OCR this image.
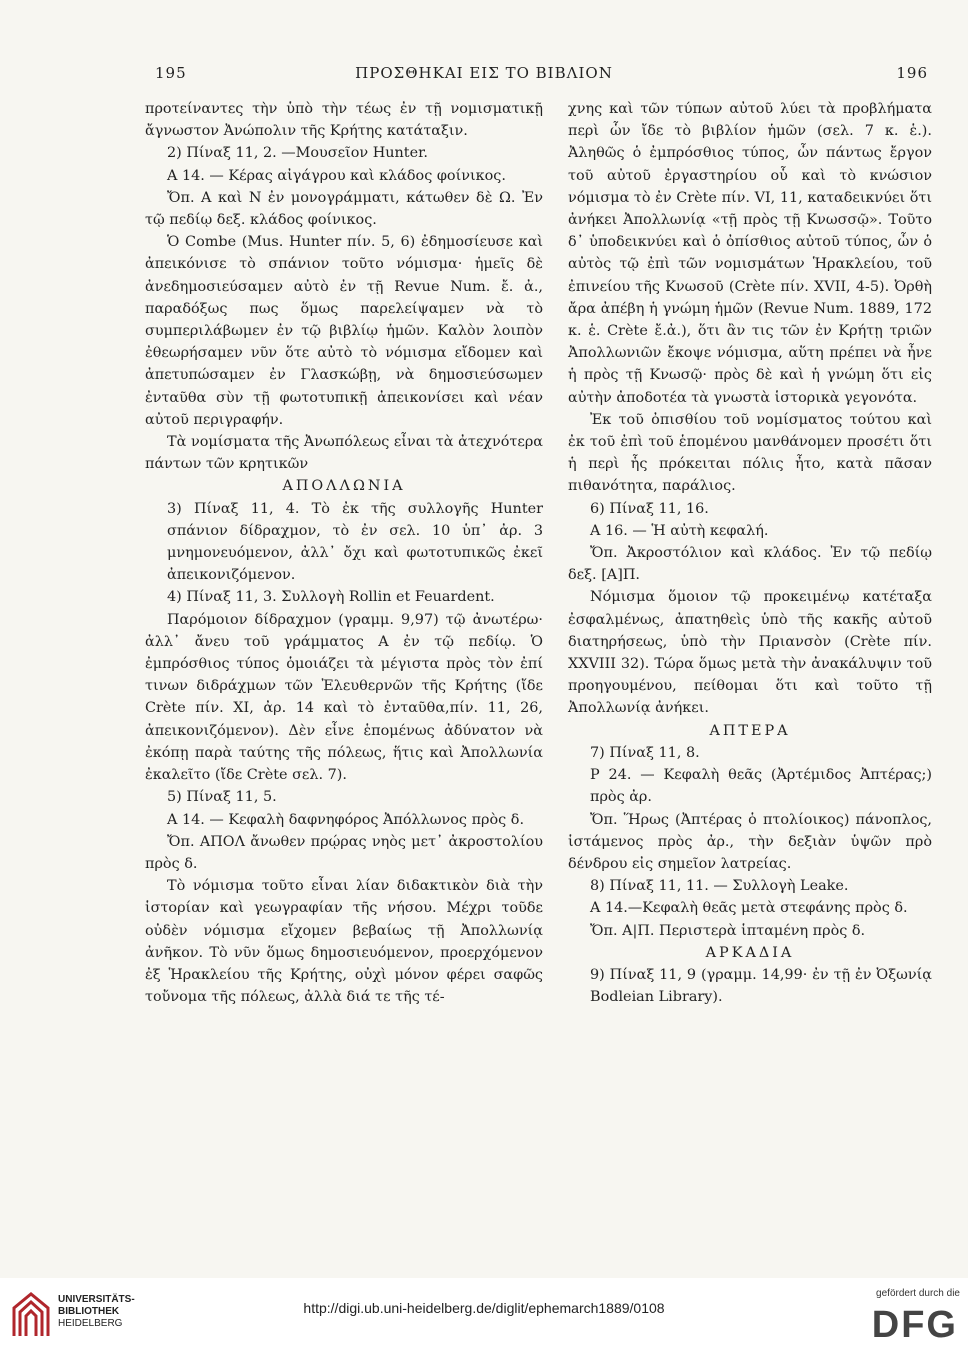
195	ΠΡΟΣΘΗΚΑΙ ΕΙΣ ΤΟ ΒΙΒΛΙΟΝ	196

προτείναντες τὴν ὑπὸ τὴν τέως ἐν τῇ νομισματικῇ ἄγνωστον Ἀνώπολιν τῆς Κρήτης κατάταξιν.

2) Πίναξ 11, 2. —Μουσεῖον Hunter.

Α 14. — Κέρας αἰγάγρου καὶ κλάδος φοίνικος.

Ὄπ. Α καὶ Ν ἐν μονογράμματι, κάτωθεν δὲ Ω. Ἐν τῷ πεδίῳ δεξ. κλάδος φοίνικος.

Ὁ Combe (Mus. Hunter πίν. 5, 6) ἐδημοσίευσε καὶ ἀπεικόνισε τὸ σπάνιον τοῦτο νόμισμα· ἡμεῖς δὲ ἀνεδημοσιεύσαμεν αὐτὸ ἐν τῇ Revue Num. ἔ. ἀ., παραδόξως πως ὅμως παρελείψαμεν νὰ τὸ συμπεριλάβωμεν ἐν τῷ βιβλίῳ ἡμῶν. Καλὸν λοιπὸν ἐθεωρήσαμεν νῦν ὅτε αὐτὸ τὸ νόμισμα εἴδομεν καὶ ἀπετυπώσαμεν ἐν Γλασκώβῃ, νὰ δημοσιεύσωμεν ἐνταῦθα σὺν τῇ φωτοτυπικῇ ἀπεικονίσει καὶ νέαν αὐτοῦ περιγραφήν.

Τὰ νομίσματα τῆς Ἀνωπόλεως εἶναι τὰ ἀτεχνότερα πάντων τῶν κρητικῶν

ΑΠΟΛΛΩΝΙΑ

3) Πίναξ 11, 4. Τὸ ἐκ τῆς συλλογῆς Hunter σπάνιον δίδραχμον, τὸ ἐν σελ. 10 ὑπ᾽ ἀρ. 3 μνημονευόμενον, ἀλλ᾽ ὄχι καὶ φωτοτυπικῶς ἐκεῖ ἀπεικονιζόμενον.

4) Πίναξ 11, 3. Συλλογὴ Rollin et Feuardent.

Παρόμοιον δίδραχμον (γραμμ. 9,97) τῷ ἀνωτέρω· ἀλλ᾽ ἄνευ τοῦ γράμματος Α ἐν τῷ πεδίῳ. Ὁ ἐμπρόσθιος τύπος ὁμοιάζει τὰ μέγιστα πρὸς τὸν ἐπί τινων διδράχμων τῶν Ἐλευθερνῶν τῆς Κρήτης (ἴδε Crète πίν. XI, ἀρ. 14 καὶ τὸ ἐνταῦθα,πίν. 11, 26, ἀπεικονιζόμενον). Δὲν εἶνε ἑπομένως ἀδύνατον νὰ ἐκόπῃ παρὰ ταύτης τῆς πόλεως, ἥτις καὶ Ἀπολλωνία ἐκαλεῖτο (ἴδε Crète σελ. 7).

5) Πίναξ 11, 5.

Α 14. — Κεφαλὴ δαφνηφόρος Ἀπόλλωνος πρὸς δ.

Ὄπ. ΑΠΟΛ ἄνωθεν πρῴρας νηὸς μετ᾽ ἀκροστολίου πρὸς δ.

Τὸ νόμισμα τοῦτο εἶναι λίαν διδακτικὸν διὰ τὴν ἱστορίαν καὶ γεωγραφίαν τῆς νήσου. Μέχρι τοῦδε οὐδὲν νόμισμα εἴχομεν βεβαίως τῇ Ἀπολλωνίᾳ ἀνῆκον. Τὸ νῦν ὅμως δημοσιευόμενον, προερχόμενον ἐξ Ἡρακλείου τῆς Κρήτης, οὐχὶ μόνον φέρει σαφῶς τοὔνομα τῆς πόλεως, ἀλλὰ διά τε τῆς τέ-

χνης καὶ τῶν τύπων αὐτοῦ λύει τὰ προβλήματα περὶ ὧν ἴδε τὸ βιβλίον ἡμῶν (σελ. 7 κ. ἑ.). Ἀληθῶς ὁ ἐμπρόσθιος τύπος, ὧν πάντως ἔργον τοῦ αὐτοῦ ἐργαστηρίου οὗ καὶ τὸ κνώσιον νόμισμα τὸ ἐν Crète πίν. VI, 11, καταδεικνύει ὅτι ἀνήκει Ἀπολλωνίᾳ «τῇ πρὸς τῇ Κνωσσῷ». Τοῦτο δ᾽ ὑποδεικνύει καὶ ὁ ὀπίσθιος αὐτοῦ τύπος, ὧν ὁ αὐτὸς τῷ ἐπὶ τῶν νομισμάτων Ἡρακλείου, τοῦ ἐπινείου τῆς Κνωσοῦ (Crète πίν. XVII, 4-5). Ὀρθὴ ἄρα ἀπέβη ἡ γνώμη ἡμῶν (Revue Num. 1889, 172 κ. ἑ. Crète ἔ.ἀ.), ὅτι ἂν τις τῶν ἐν Κρήτῃ τριῶν Ἀπολλωνιῶν ἔκοψε νόμισμα, αὕτη πρέπει νὰ ἦνε ἡ πρὸς τῇ Κνωσῷ· πρὸς δὲ καὶ ἡ γνώμη ὅτι εἰς αὐτὴν ἀποδοτέα τὰ γνωστὰ ἱστορικὰ γεγονότα.

Ἐκ τοῦ ὀπισθίου τοῦ νομίσματος τούτου καὶ ἐκ τοῦ ἐπὶ τοῦ ἑπομένου μανθάνομεν προσέτι ὅτι ἡ περὶ ἧς πρόκειται πόλις ἦτο, κατὰ πᾶσαν πιθανότητα, παράλιος.

6) Πίναξ 11, 16.

Α 16. — Ἡ αὐτὴ κεφαλή.

Ὄπ. Ἀκροστόλιον καὶ κλάδος. Ἐν τῷ πεδίῳ δεξ. [Α]Π.

Νόμισμα ὅμοιον τῷ προκειμένῳ κατέταξα ἐσφαλμένως, ἀπατηθεὶς ὑπὸ τῆς κακῆς αὐτοῦ διατηρήσεως, ὑπὸ τὴν Πριανσὸν (Crète πίν. XXVIII 32). Τώρα ὅμως μετὰ τὴν ἀνακάλυψιν τοῦ προηγουμένου, πείθομαι ὅτι καὶ τοῦτο τῇ Ἀπολλωνίᾳ ἀνήκει.

ΑΠΤΕΡΑ

7) Πίναξ 11, 8.

Ρ 24. — Κεφαλὴ θεᾶς (Ἀρτέμιδος Ἀπτέρας;) πρὸς ἀρ.

Ὄπ. Ἥρως (Ἀπτέρας ὁ πτολίοικος) πάνοπλος, ἱστάμενος πρὸς ἀρ., τὴν δεξιὰν ὑψῶν πρὸ δένδρου εἰς σημεῖον λατρείας.

8) Πίναξ 11, 11. — Συλλογὴ Leake.

Α 14.—Κεφαλὴ θεᾶς μετὰ στεφάνης πρὸς δ.

Ὄπ. Α|Π. Περιστερὰ ἱπταμένη πρὸς δ.

ΑΡΚΑΔΙΑ

9) Πίναξ 11, 9 (γραμμ. 14,99· ἐν τῇ ἐν Ὀξωνίᾳ Bodleian Library).

UNIVERSITÄTS-
BIBLIOTHEK
HEIDELBERG
http://digi.ub.uni-heidelberg.de/diglit/ephemarch1889/0108
gefördert durch die
DFG
